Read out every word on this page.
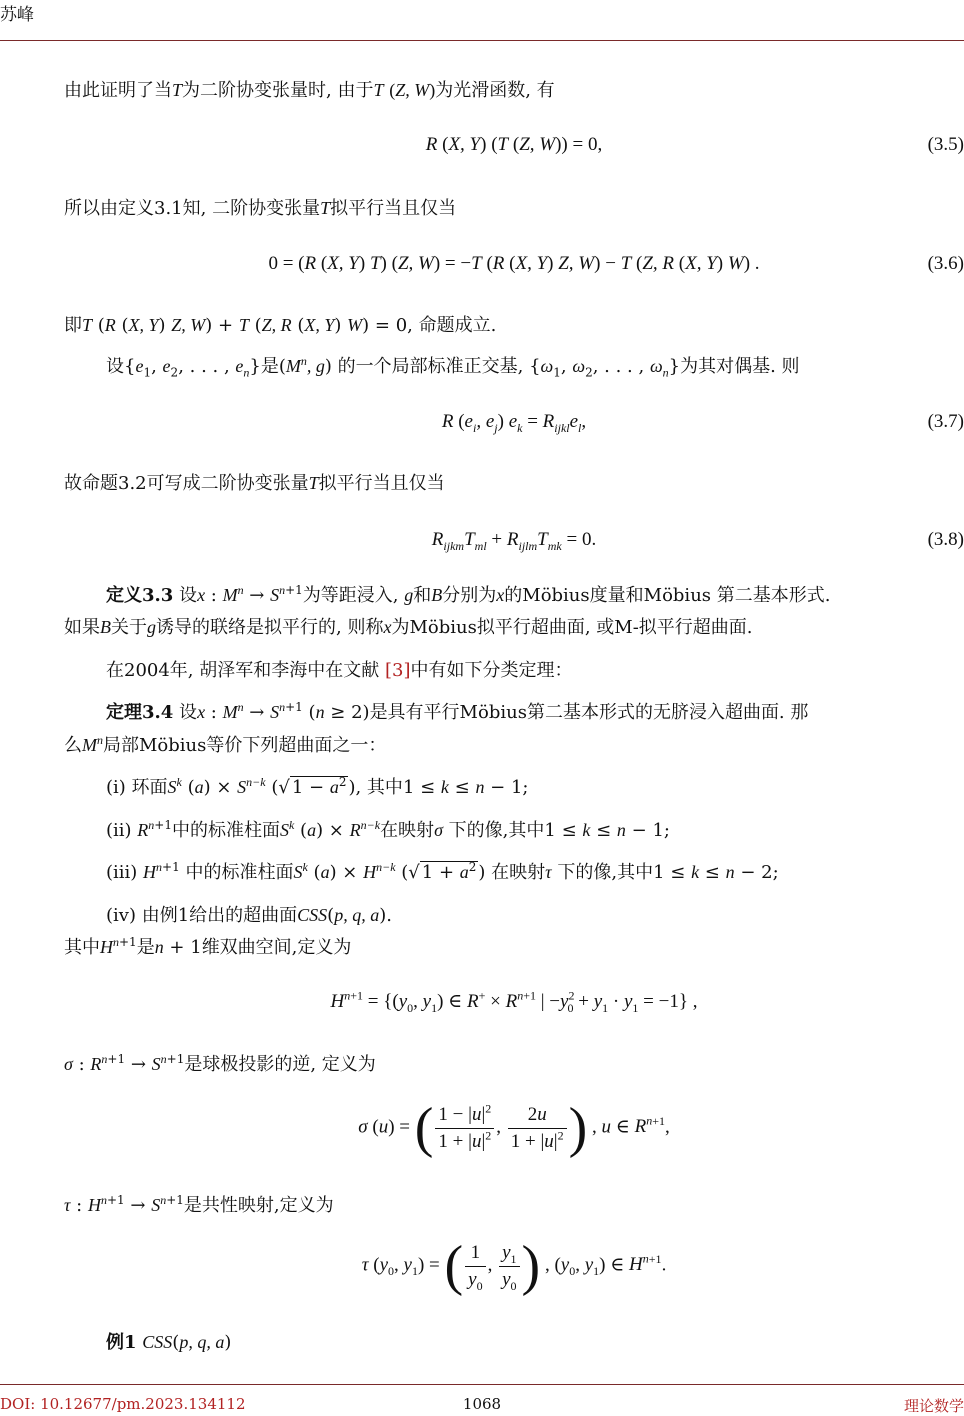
苏峰
由此证明了当T为二阶协变张量时, 由于T (Z, W)为光滑函数, 有
R (X, Y) (T (Z, W)) = 0,	(3.5)
所以由定义3.1知, 二阶协变张量T拟平行当且仅当
0 = (R (X, Y) T) (Z, W) = −T (R (X, Y) Z, W) − T (Z, R (X, Y) W) .	(3.6)
即T (R (X, Y) Z, W) + T (Z, R (X, Y) W) = 0, 命题成立.
设{$e_1$, $e_2$, . . . , $e_n$}是($M^n$, g) 的一个局部标准正交基, {$\omega_1$, $\omega_2$, . . . , $\omega_n$}为其对偶基. 则
R ($e_i$, $e_j$) $e_k = R_{ijkl}e_l$,	(3.7)
故命题3.2可写成二阶协变张量T拟平行当且仅当
$R_{ijkm}T_{ml} + R_{ijlm}T_{mk} = 0$.	(3.8)
定义3.3 设x : $M^n \to S^{n+1}$为等距浸入, g和B分别为x的Möbius度量和Möbius 第二基本形式.
如果B关于g诱导的联络是拟平行的, 则称x为Möbius拟平行超曲面, 或M-拟平行超曲面.
在2004年, 胡泽军和李海中在文献 [3]中有如下分类定理：
定理3.4 设x : $M^n \to S^{n+1}$ (n ≥ 2)是具有平行Möbius第二基本形式的无脐浸入超曲面. 那
么$M^n$局部Möbius等价下列超曲面之一：
(i) 环面$S^k$ $(a) \times S^{n-k}$ (√ $1 - a^2$ ), 其中1 ≤ k ≤ n − 1;
(ii) $R^{n+1}$中的标准柱面$S^k$ $(a) \times R^{n-k}$在映射σ 下的像,其中1 ≤ k ≤ n − 1;
(iii) $H^{n+1}$ 中的标准柱面$S^k$ $(a) \times H^{n-k}$ (√ $1 + a^2$ ) 在映射τ 下的像,其中1 ≤ k ≤ n − 2;
(iv) 由例1给出的超曲面CSS(p, q, a).
其中$H^{n+1}$是n + 1维双曲空间,定义为
$H^{n+1} = \{(y_0$, $y_1$) ∈ $R^+ \times R^{n+1}$ | $-y^2_0 + y_1 \cdot y_1 = -1$} ,
σ : $R^{n+1} \to S^{n+1}$是球极投影的逆, 定义为
σ (u) = ( $\frac{1 - |u|^2}{1 + |u|^2}$ , $\frac{2u}{1 + |u|^2}$ ) , u ∈ $R^{n+1}$,
τ : $H^{n+1} \to S^{n+1}$是共性映射,定义为
τ ($y_0$, $y_1$) = ( $\frac{1}{y_0}$ , $\frac{y_1}{y_0}$ ) , ($y_0$, $y_1$) ∈ $H^{n+1}$.
例1 CSS(p, q, a)
DOI: 10.12677/pm.2023.134112	1068	理论数学
